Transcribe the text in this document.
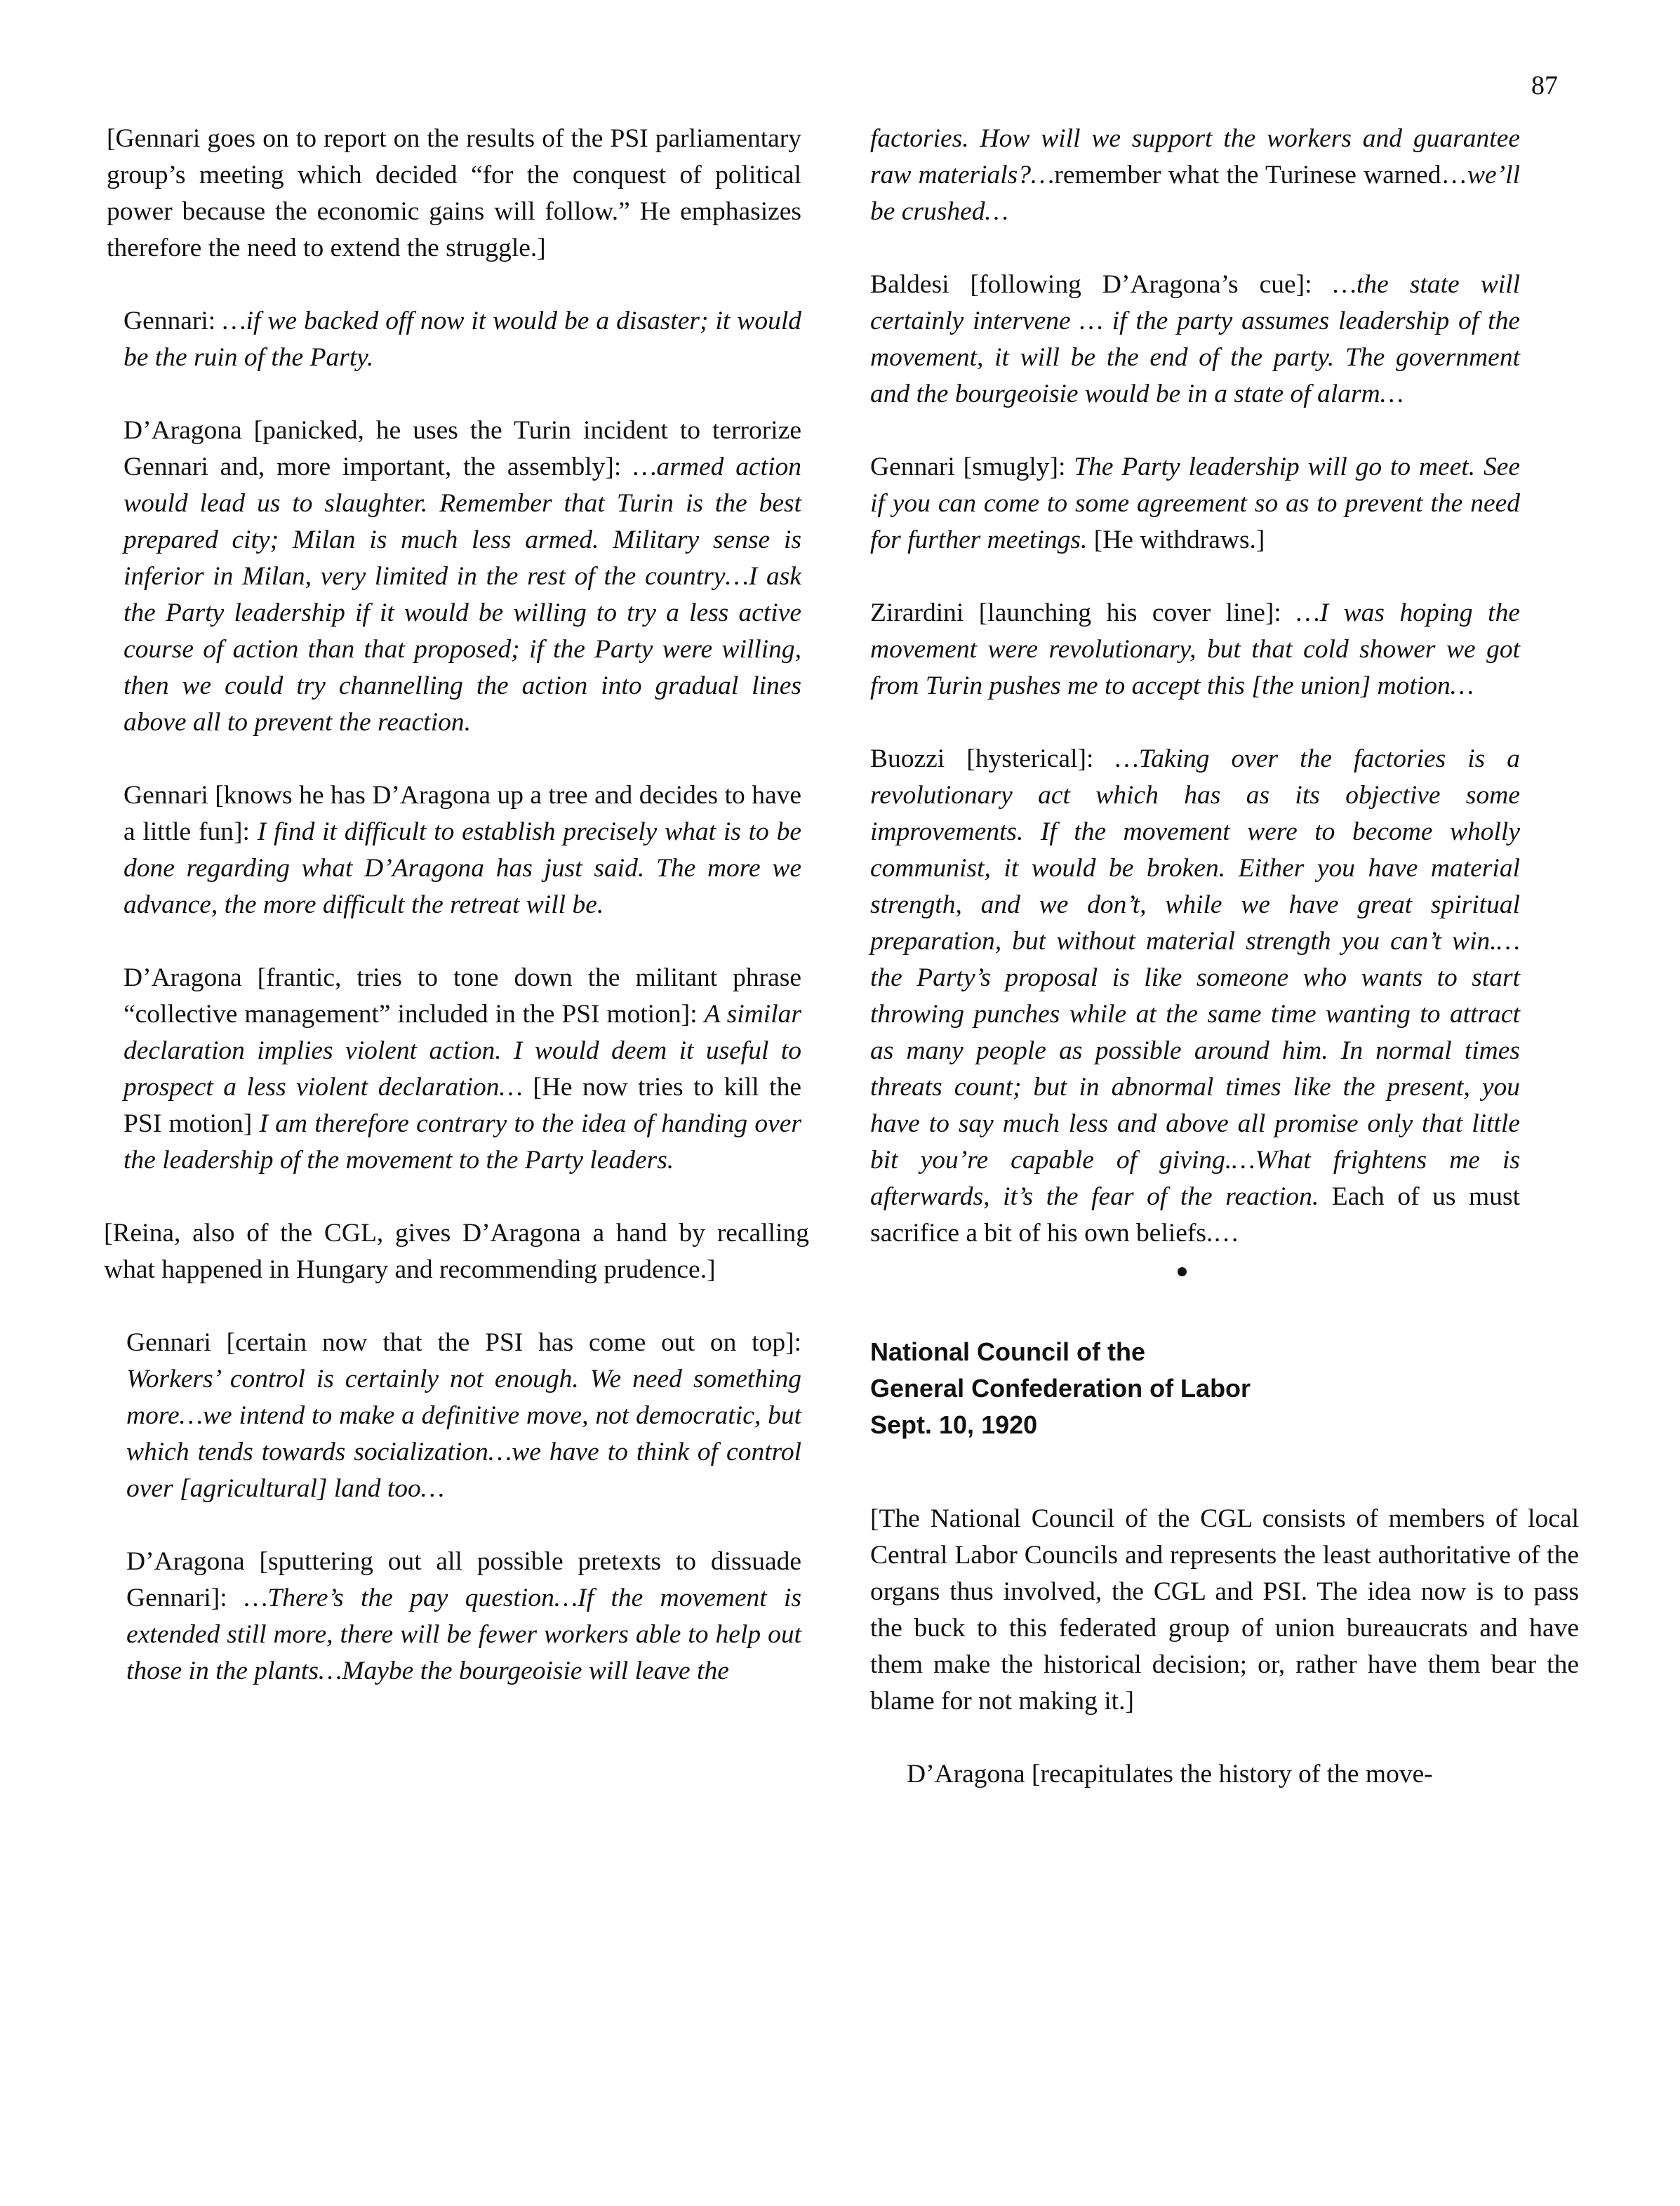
87

[Gennari goes on to report on the results of the PSI parliamentary group’s meeting which decided “for the conquest of political power because the economic gains will follow.” He emphasizes therefore the need to extend the struggle.]

Gennari: …if we backed off now it would be a disaster; it would be the ruin of the Party.

D’Aragona [panicked, he uses the Turin incident to terrorize Gennari and, more important, the assembly]: …armed action would lead us to slaughter. Remember that Turin is the best prepared city; Milan is much less armed. Military sense is inferior in Milan, very limited in the rest of the country…I ask the Party leadership if it would be willing to try a less active course of action than that proposed; if the Party were willing, then we could try channelling the action into gradual lines above all to prevent the reaction.

Gennari [knows he has D’Aragona up a tree and decides to have a little fun]: I find it difficult to establish precisely what is to be done regarding what D’Aragona has just said. The more we advance, the more difficult the retreat will be.

D’Aragona [frantic, tries to tone down the militant phrase “collective management” included in the PSI motion]: A similar declaration implies violent action. I would deem it useful to prospect a less violent declaration… [He now tries to kill the PSI motion] I am therefore contrary to the idea of handing over the leadership of the movement to the Party leaders.

[Reina, also of the CGL, gives D’Aragona a hand by recalling what happened in Hungary and recommending prudence.]

Gennari [certain now that the PSI has come out on top]: Workers’ control is certainly not enough. We need something more…we intend to make a definitive move, not democratic, but which tends towards socialization…we have to think of control over [agricultural] land too…

D’Aragona [sputtering out all possible pretexts to dissuade Gennari]: …There’s the pay question…If the movement is extended still more, there will be fewer workers able to help out those in the plants…Maybe the bourgeoisie will leave the

factories. How will we support the workers and guarantee raw materials?…remember what the Turinese warned…we’ll be crushed…

Baldesi [following D’Aragona’s cue]: …the state will certainly intervene … if the party assumes leadership of the movement, it will be the end of the party. The government and the bourgeoisie would be in a state of alarm…

Gennari [smugly]: The Party leadership will go to meet. See if you can come to some agreement so as to prevent the need for further meetings. [He withdraws.]

Zirardini [launching his cover line]: …I was hoping the movement were revolutionary, but that cold shower we got from Turin pushes me to accept this [the union] motion…

Buozzi [hysterical]: …Taking over the factories is a revolutionary act which has as its objective some improvements. If the movement were to become wholly communist, it would be broken. Either you have material strength, and we don’t, while we have great spiritual preparation, but without material strength you can’t win.…the Party’s proposal is like someone who wants to start throwing punches while at the same time wanting to attract as many people as possible around him. In normal times threats count; but in abnormal times like the present, you have to say much less and above all promise only that little bit you’re capable of giving.…What frightens me is afterwards, it’s the fear of the reaction. Each of us must sacrifice a bit of his own beliefs.…

National Council of the
General Confederation of Labor
Sept. 10, 1920

[The National Council of the CGL consists of members of local Central Labor Councils and represents the least authoritative of the organs thus involved, the CGL and PSI. The idea now is to pass the buck to this federated group of union bureaucrats and have them make the historical decision; or, rather have them bear the blame for not making it.]

D’Aragona [recapitulates the history of the move-
